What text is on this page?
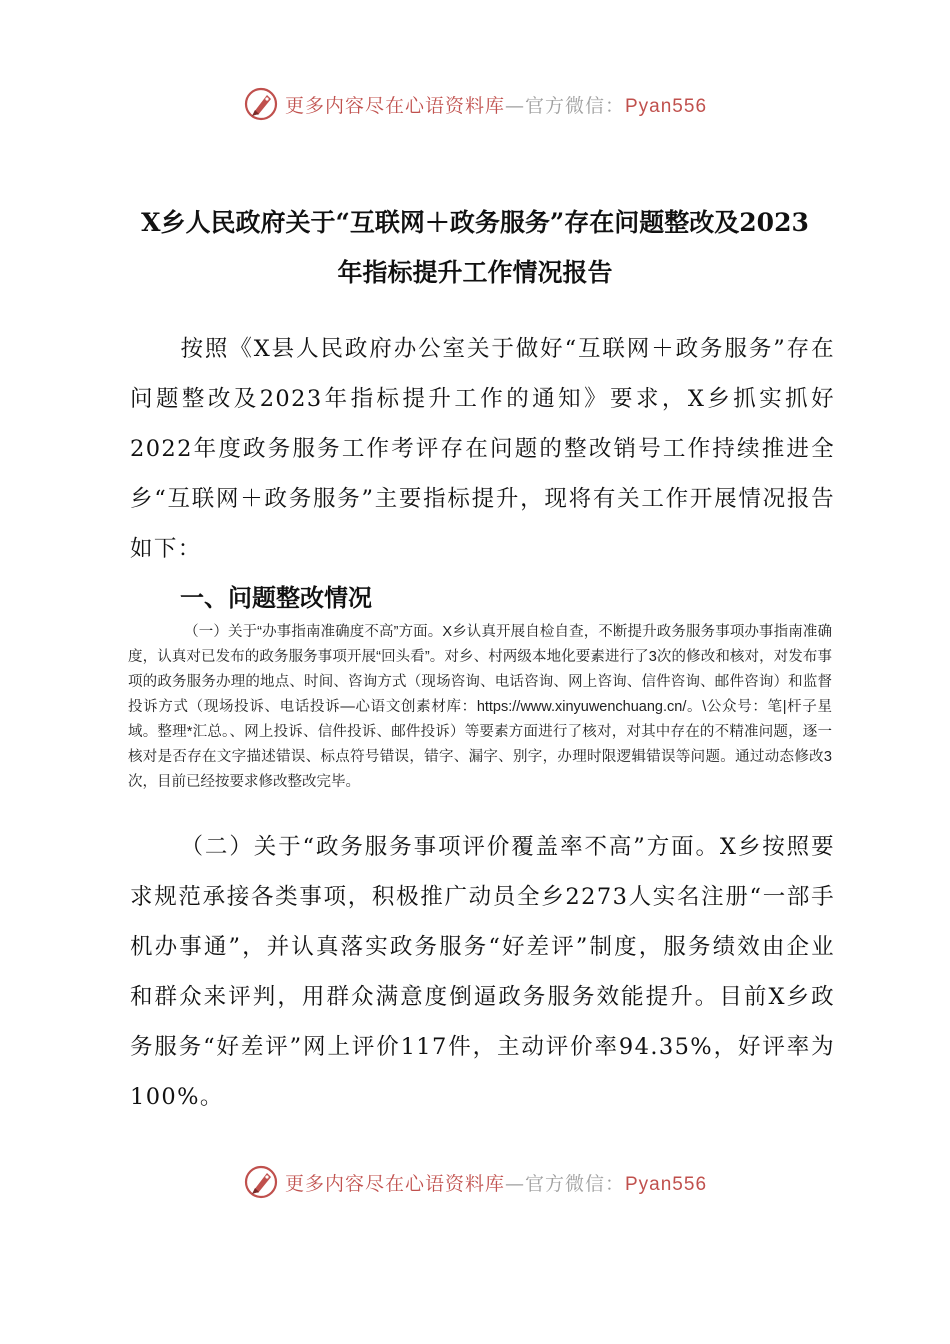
更多内容尽在心语资料库—官方微信：Pyan556
X乡人民政府关于“互联网＋政务服务”存在问题整改及2023
年指标提升工作情况报告

按照《X县人民政府办公室关于做好“互联网＋政务服务”存在问题整改及2023年指标提升工作的通知》要求，X乡抓实抓好2022年度政务服务工作考评存在问题的整改销号工作持续推进全乡“互联网＋政务服务”主要指标提升，现将有关工作开展情况报告如下：

一、问题整改情况

（一）关于“办事指南准确度不高”方面。X乡认真开展自检自查，不断提升政务服务事项办事指南准确度，认真对已发布的政务服务事项开展“回头看”。对乡、村两级本地化要素进行了3次的修改和核对，对发布事项的政务服务办理的地点、时间、咨询方式（现场咨询、电话咨询、网上咨询、信件咨询、邮件咨询）和监督投诉方式（现场投诉、电话投诉—心语文创素材库：https://www.xinyuwenchuang.cn/。\公众号：笔|杆子星域。整理*汇总。、网上投诉、信件投诉、邮件投诉）等要素方面进行了核对，对其中存在的不精准问题，逐一核对是否存在文字描述错误、标点符号错误，错字、漏字、别字，办理时限逻辑错误等问题。通过动态修改3次，目前已经按要求修改整改完毕。

（二）关于“政务服务事项评价覆盖率不高”方面。X乡按照要求规范承接各类事项，积极推广动员全乡2273人实名注册“一部手机办事通”，并认真落实政务服务“好差评”制度，服务绩效由企业和群众来评判，用群众满意度倒逼政务服务效能提升。目前X乡政务服务“好差评”网上评价117件，主动评价率94.35%，好评率为100%。

更多内容尽在心语资料库—官方微信：Pyan556
